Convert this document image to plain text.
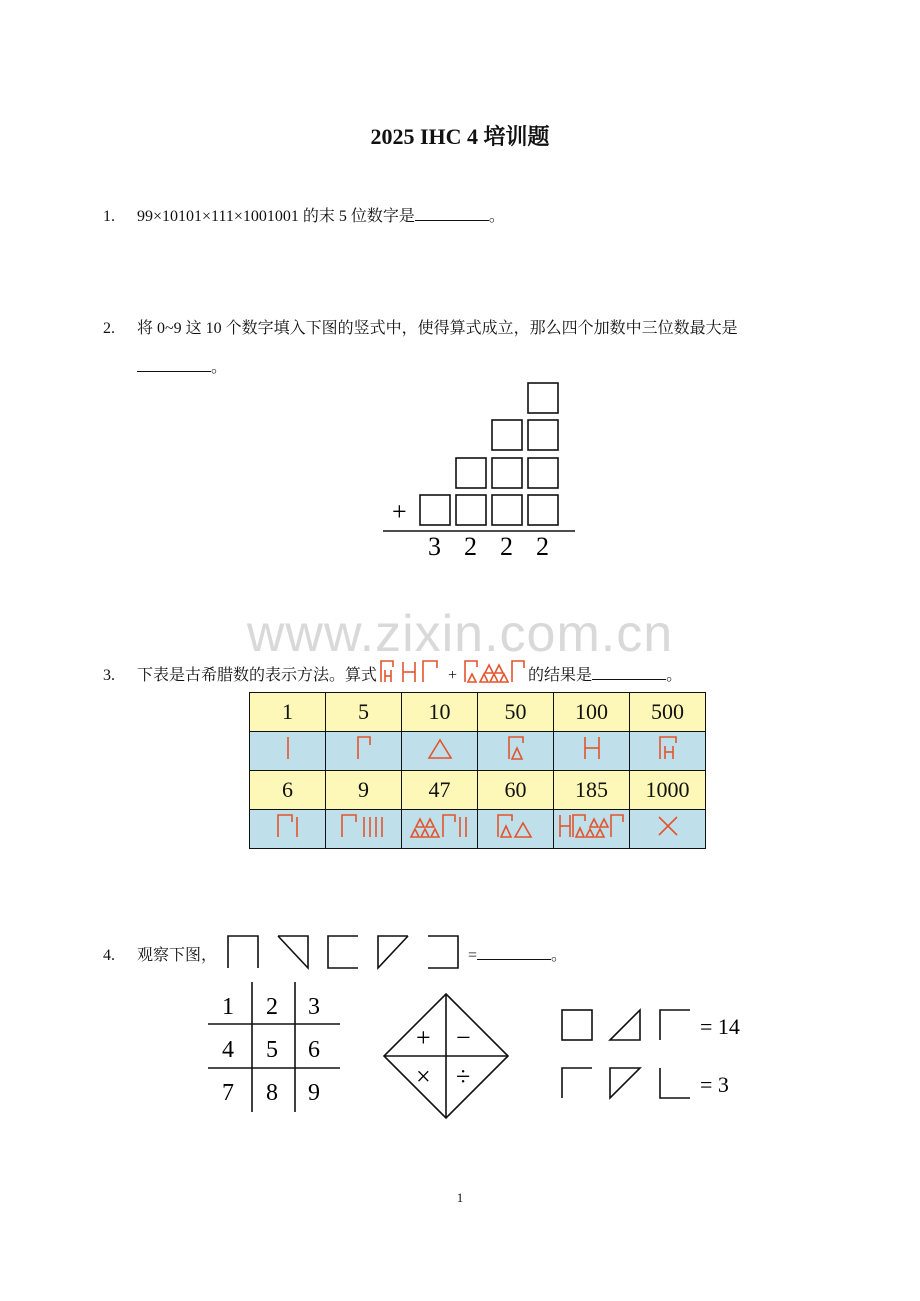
2025 IHC 4 培训题
1. 99×10101×111×1001001 的末 5 位数字是	。
2. 将 0~9 这 10 个数字填入下图的竖式中，使得算式成立，那么四个加数中三位数最大是
。
+
3 2 2 2
www.zixin.com.cn
3. 下表是古希腊数的表示方法。算式	+	的结果是	。
1	5	10	50	100	500

6	9	47	60	185	1000

4. 观察下图，	=	。
1 2 3
4 5 6
7 8 9
+ −
× ÷
= 14
= 3
1
